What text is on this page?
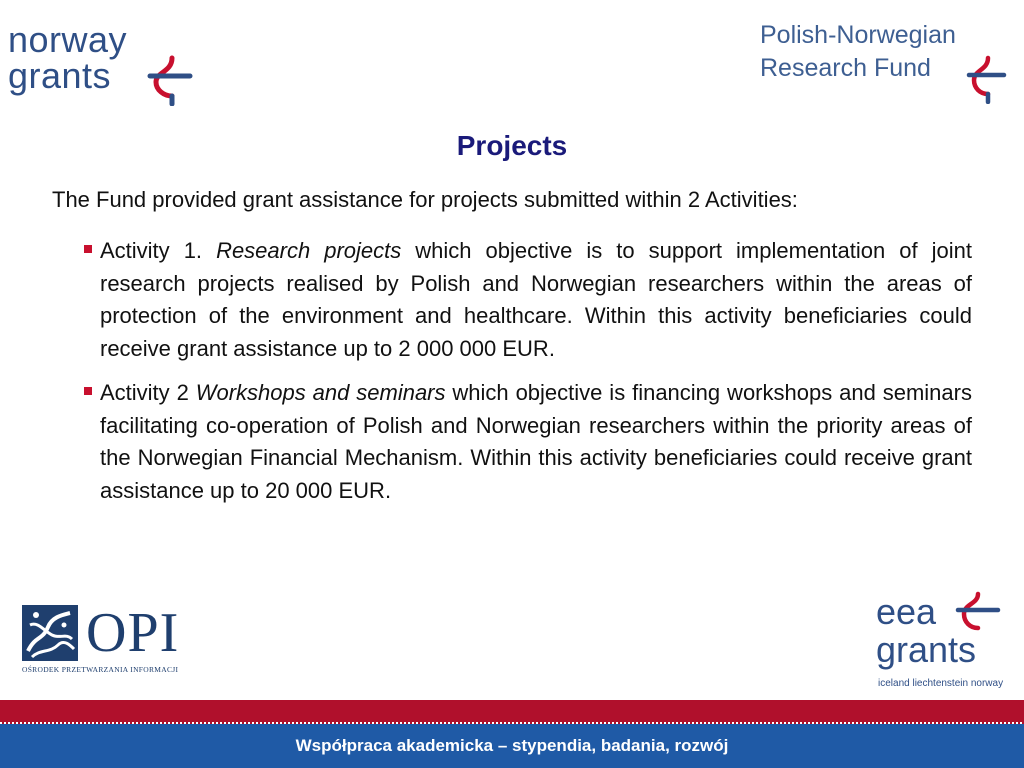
norway
grants
Polish-Norwegian
Research Fund
Projects
The Fund provided grant assistance for projects submitted within 2 Activities:
Activity 1. Research projects which objective is to support implementation of joint research projects realised by Polish and Norwegian researchers within the areas of protection of the environment and healthcare. Within this activity beneficiaries could receive grant assistance up to 2 000 000 EUR.
Activity 2 Workshops and seminars which objective is financing workshops and seminars facilitating co-operation of Polish and Norwegian researchers within the priority areas of the Norwegian Financial Mechanism. Within this activity beneficiaries could receive grant assistance up to 20 000 EUR.
OPI
OŚRODEK PRZETWARZANIA INFORMACJI
eea
grants
iceland liechtenstein norway
Współpraca akademicka – stypendia, badania, rozwój
